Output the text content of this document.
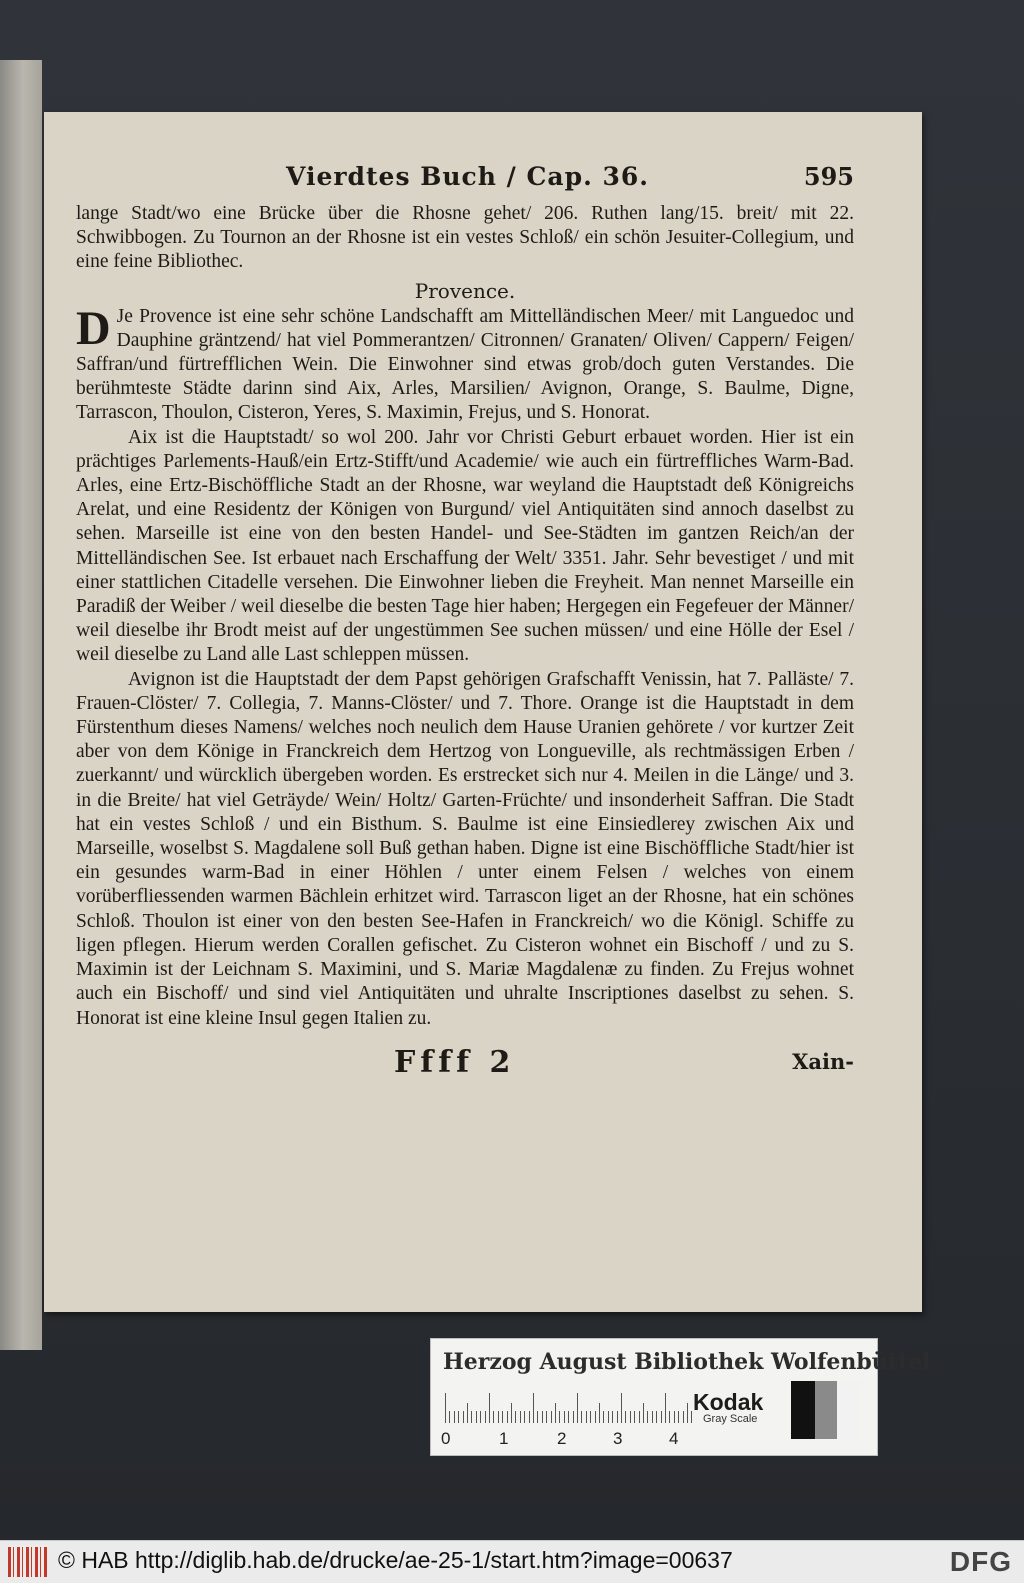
Vierdtes Buch / Cap. 36.	595

lange Stadt/wo eine Brücke über die Rhosne gehet/ 206. Ruthen lang/15. breit/ mit 22. Schwibbogen. Zu Tournon an der Rhosne ist ein vestes Schloß/ ein schön Jesuiter-Collegium, und eine feine Bibliothec.

Provence.

D Je Provence ist eine sehr schöne Landschafft am Mittelländischen Meer/ mit Languedoc und Dauphine gräntzend/ hat viel Pommerantzen/ Citronnen/ Granaten/ Oliven/ Cappern/ Feigen/ Saffran/und fürtrefflichen Wein. Die Einwohner sind etwas grob/doch guten Verstandes. Die berühmteste Städte darinn sind Aix, Arles, Marsilien/ Avignon, Orange, S. Baulme, Digne, Tarrascon, Thoulon, Cisteron, Yeres, S. Maximin, Frejus, und S. Honorat.

Aix ist die Hauptstadt/ so wol 200. Jahr vor Christi Geburt erbauet worden. Hier ist ein prächtiges Parlements-Hauß/ein Ertz-Stifft/und Academie/ wie auch ein fürtreffliches Warm-Bad. Arles, eine Ertz-Bischöffliche Stadt an der Rhosne, war weyland die Hauptstadt deß Königreichs Arelat, und eine Residentz der Königen von Burgund/ viel Antiquitäten sind annoch daselbst zu sehen. Marseille ist eine von den besten Handel- und See-Städten im gantzen Reich/an der Mittelländischen See. Ist erbauet nach Erschaffung der Welt/ 3351. Jahr. Sehr bevestiget / und mit einer stattlichen Citadelle versehen. Die Einwohner lieben die Freyheit. Man nennet Marseille ein Paradiß der Weiber / weil dieselbe die besten Tage hier haben; Hergegen ein Fegefeuer der Männer/ weil dieselbe ihr Brodt meist auf der ungestümmen See suchen müssen/ und eine Hölle der Esel / weil dieselbe zu Land alle Last schleppen müssen.

Avignon ist die Hauptstadt der dem Papst gehörigen Grafschafft Venissin, hat 7. Palläste/ 7. Frauen-Clöster/ 7. Collegia, 7. Manns-Clöster/ und 7. Thore. Orange ist die Hauptstadt in dem Fürstenthum dieses Namens/ welches noch neulich dem Hause Uranien gehörete / vor kurtzer Zeit aber von dem Könige in Franckreich dem Hertzog von Longueville, als rechtmässigen Erben / zuerkannt/ und würcklich übergeben worden. Es erstrecket sich nur 4. Meilen in die Länge/ und 3. in die Breite/ hat viel Geträyde/ Wein/ Holtz/ Garten-Früchte/ und insonderheit Saffran. Die Stadt hat ein vestes Schloß / und ein Bisthum. S. Baulme ist eine Einsiedlerey zwischen Aix und Marseille, woselbst S. Magdalene soll Buß gethan haben. Digne ist eine Bischöffliche Stadt/hier ist ein gesundes warm-Bad in einer Höhlen / unter einem Felsen / welches von einem vorüberfliessenden warmen Bächlein erhitzet wird. Tarrascon liget an der Rhosne, hat ein schönes Schloß. Thoulon ist einer von den besten See-Hafen in Franckreich/ wo die Königl. Schiffe zu ligen pflegen. Hierum werden Corallen gefischet. Zu Cisteron wohnet ein Bischoff / und zu S. Maximin ist der Leichnam S. Maximini, und S. Mariæ Magdalenæ zu finden. Zu Frejus wohnet auch ein Bischoff/ und sind viel Antiquitäten und uhralte Inscriptiones daselbst zu sehen. S. Honorat ist eine kleine Insul gegen Italien zu.

Ffff 2	Xain-
Herzog August Bibliothek Wolfenbüttel
0	1	2	3	4
Kodak
Gray Scale
© HAB http://diglib.hab.de/drucke/ae-25-1/start.htm?image=00637	DFG
